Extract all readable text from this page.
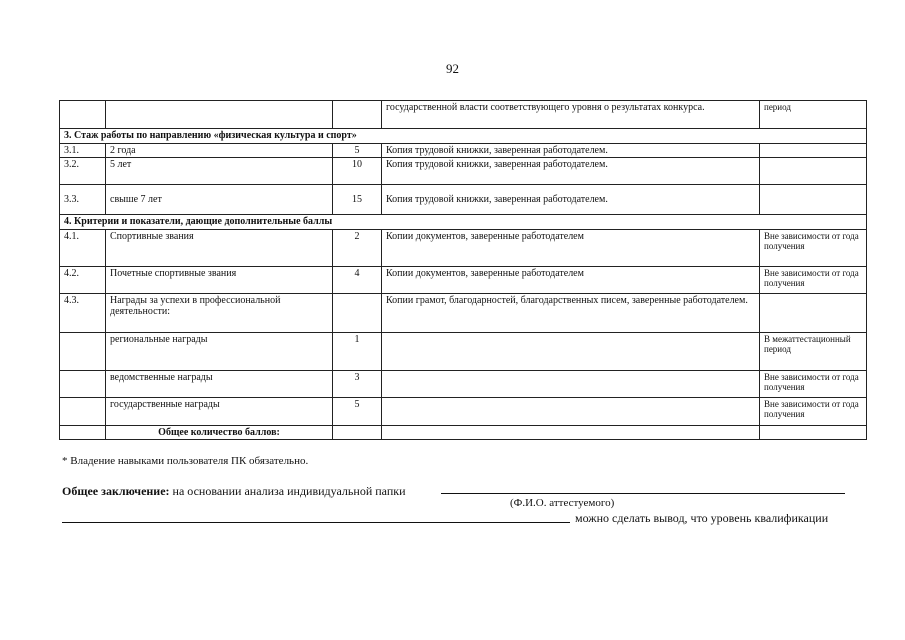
92
			государственной власти соответствующего уровня о результатах конкурса.	период
3. Стаж работы по направлению «физическая культура и спорт»				
3.1.	2 года	5	Копия трудовой книжки, заверенная работодателем.	
3.2.	5 лет	10	Копия трудовой книжки, заверенная работодателем.	
3.3.	свыше 7 лет	15	Копия трудовой книжки, заверенная работодателем.	
4. Критерии и показатели, дающие дополнительные баллы				
4.1.	Спортивные звания	2	Копии документов, заверенные работодателем	Вне зависимости от года получения
4.2.	Почетные спортивные звания	4	Копии документов, заверенные работодателем	Вне зависимости от года получения
4.3.	Награды за успехи в профессиональной деятельности:		Копии грамот, благодарностей, благодарственных писем, заверенные работодателем.	
	региональные награды	1		В межаттестационный период
	ведомственные награды	3		Вне зависимости от года получения
	государственные награды	5		Вне зависимости от года получения
	Общее количество баллов:			
* Владение навыками пользователя ПК обязательно.
Общее заключение: на основании анализа индивидуальной папки
(Ф.И.О. аттестуемого)
можно сделать вывод, что уровень квалификации
